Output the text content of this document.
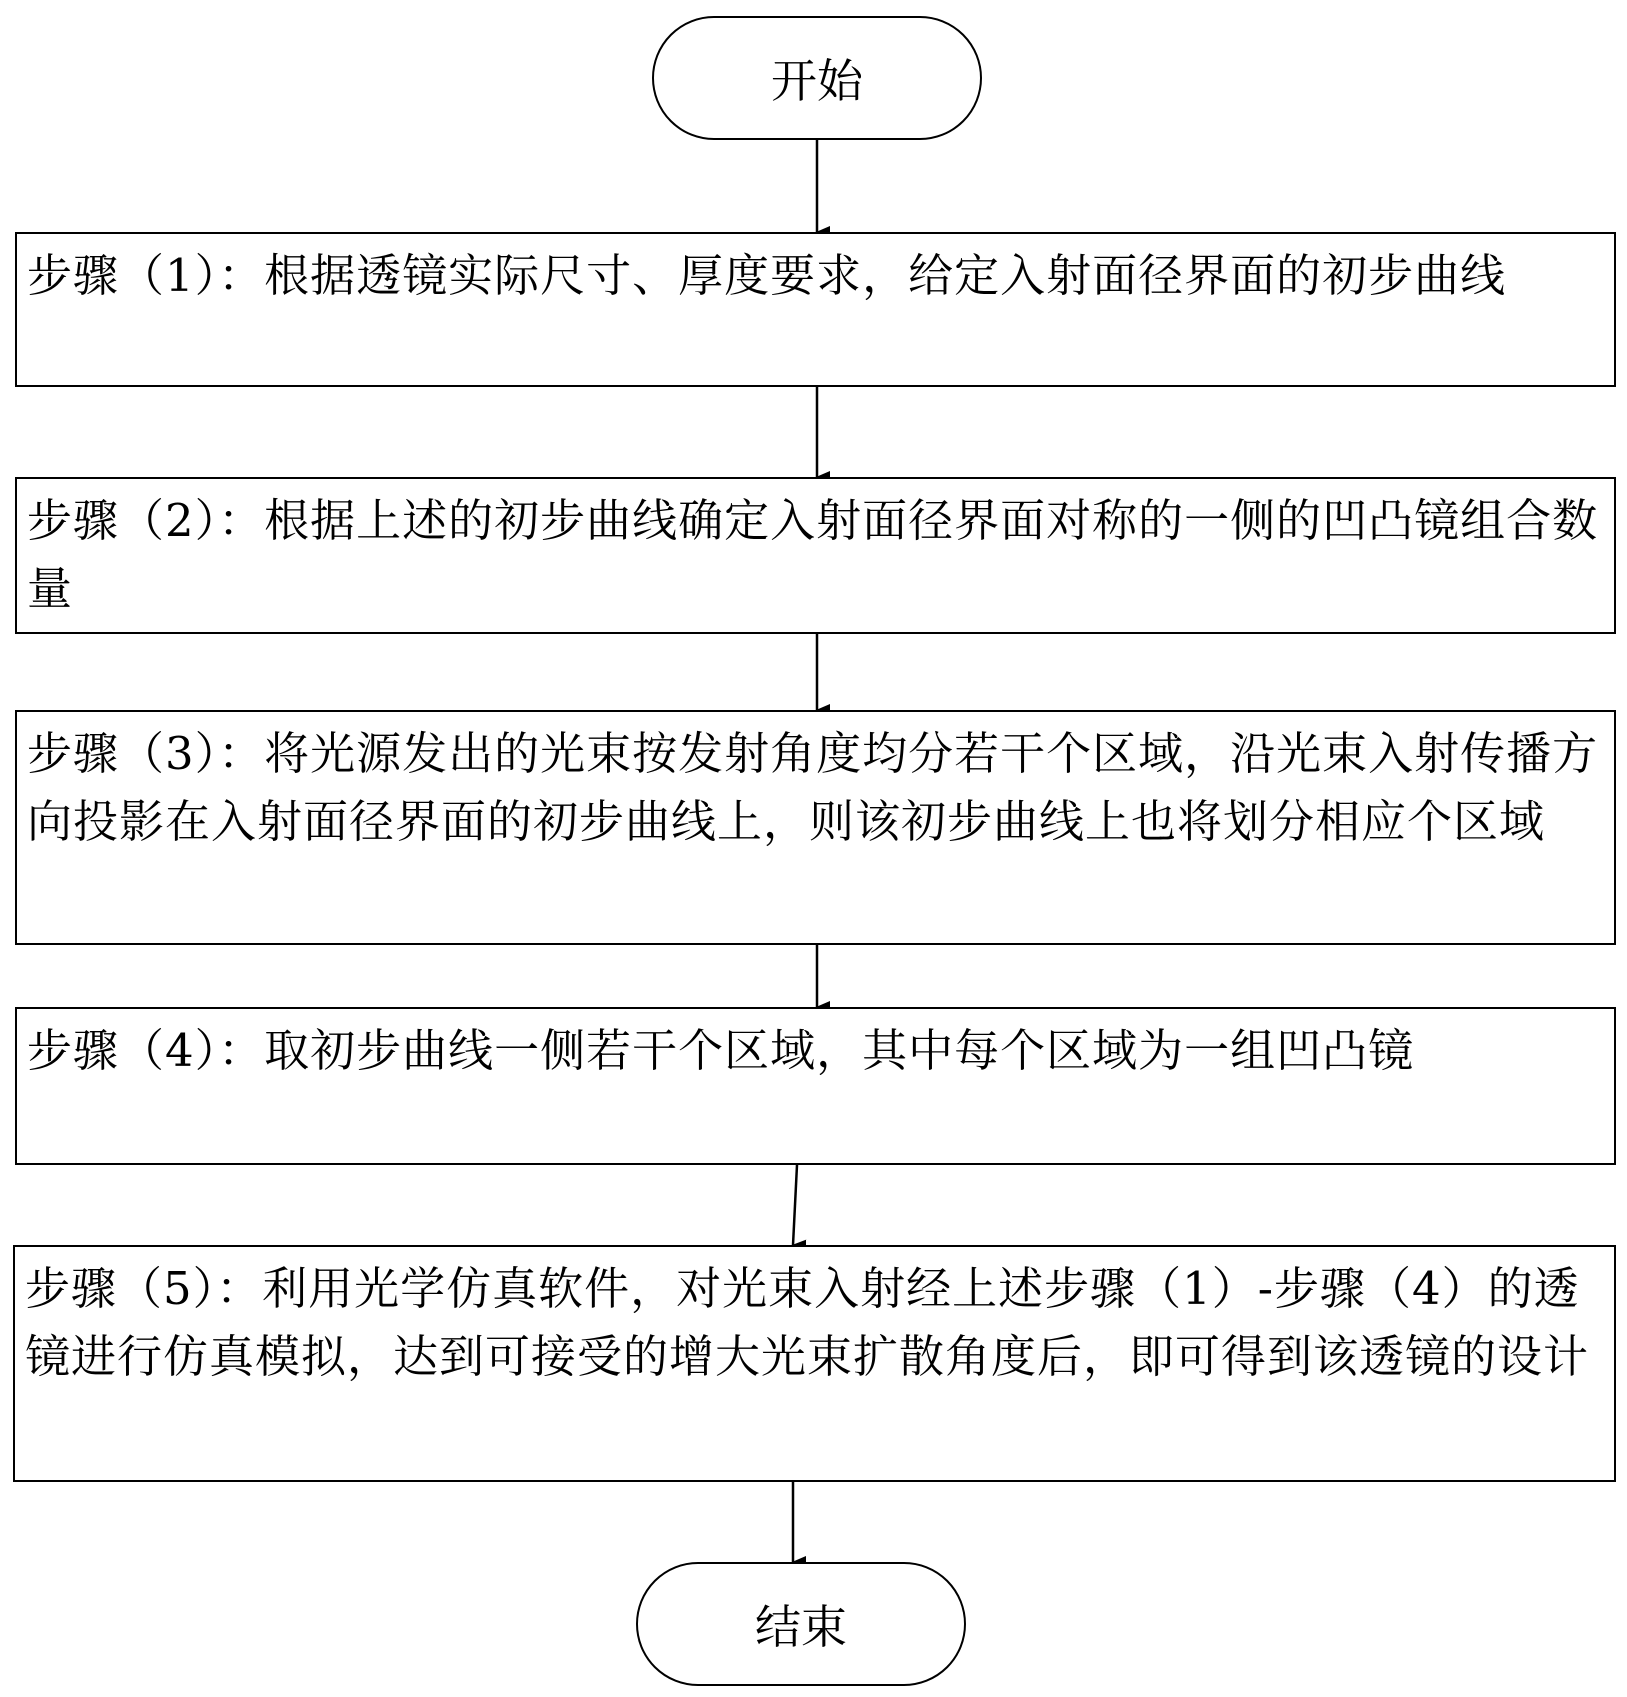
开始
步骤（1）：根据透镜实际尺寸、厚度要求，给定入射面径界面的初步曲线
步骤（2）：根据上述的初步曲线确定入射面径界面对称的一侧的凹凸镜组合数量
步骤（3）：将光源发出的光束按发射角度均分若干个区域，沿光束入射传播方向投影在入射面径界面的初步曲线上，则该初步曲线上也将划分相应个区域
步骤（4）：取初步曲线一侧若干个区域，其中每个区域为一组凹凸镜
步骤（5）：利用光学仿真软件，对光束入射经上述步骤（1）-步骤（4）的透镜进行仿真模拟，达到可接受的增大光束扩散角度后，即可得到该透镜的设计
结束
